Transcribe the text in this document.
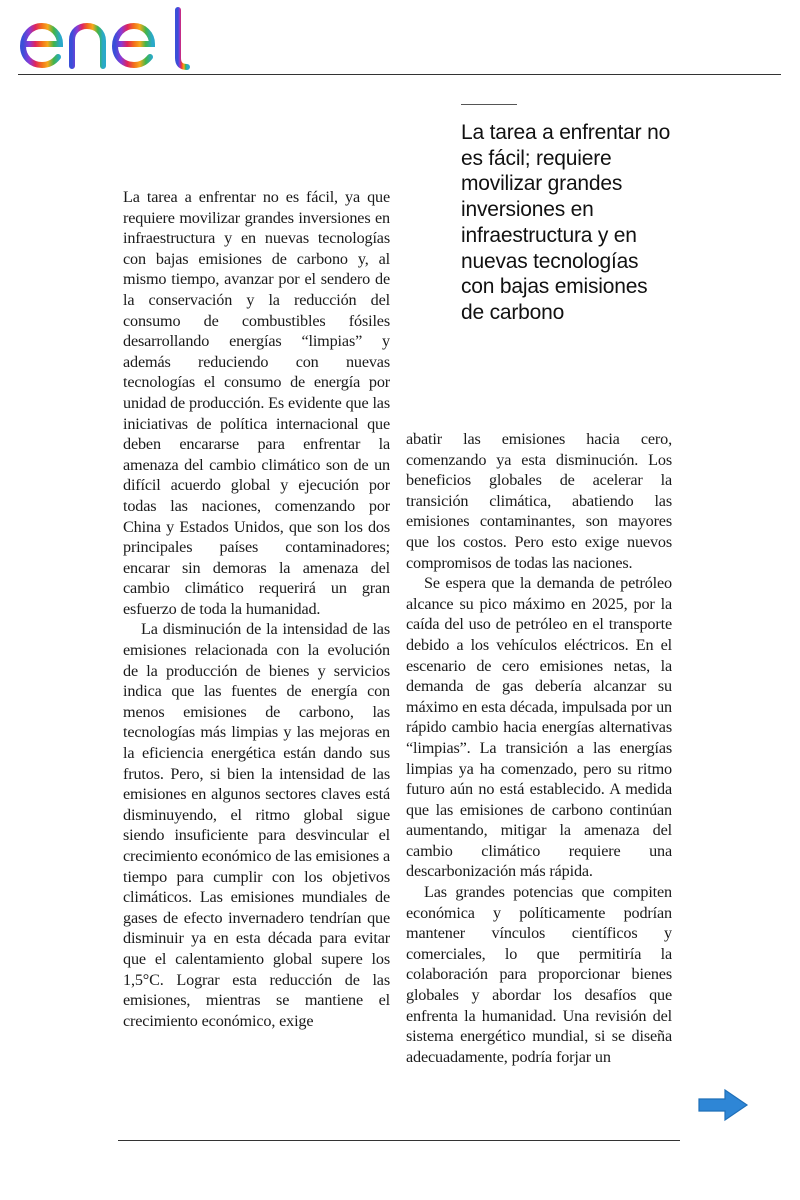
La tarea a enfrentar no es fácil; requiere movilizar grandes inversiones en infraestructura y en nuevas tecnologías con bajas emisiones de carbono

La tarea a enfrentar no es fácil, ya que requiere movilizar grandes inversiones en infraestructura y en nuevas tecnologías con bajas emisiones de carbono y, al mismo tiempo, avanzar por el sendero de la conservación y la reducción del consumo de combustibles fósiles desarrollando energías “limpias” y además reduciendo con nuevas tecnologías el consumo de energía por unidad de producción. Es evidente que las iniciativas de política internacional que deben encararse para enfrentar la amenaza del cambio climático son de un difícil acuerdo global y ejecución por todas las naciones, comenzando por China y Estados Unidos, que son los dos principales países contaminadores; encarar sin demoras la amenaza del cambio climático requerirá un gran esfuerzo de toda la humanidad.

La disminución de la intensidad de las emisiones relacionada con la evolución de la producción de bienes y servicios indica que las fuentes de energía con menos emisiones de carbono, las tecnologías más limpias y las mejoras en la eficiencia energética están dando sus frutos. Pero, si bien la intensidad de las emisiones en algunos sectores claves está disminuyendo, el ritmo global sigue siendo insuficiente para desvincular el crecimiento económico de las emisiones a tiempo para cumplir con los objetivos climáticos. Las emisiones mundiales de gases de efecto invernadero tendrían que disminuir ya en esta década para evitar que el calentamiento global supere los 1,5°C. Lograr esta reducción de las emisiones, mientras se mantiene el crecimiento económico, exige

abatir las emisiones hacia cero, comenzando ya esta disminución. Los beneficios globales de acelerar la transición climática, abatiendo las emisiones contaminantes, son mayores que los costos. Pero esto exige nuevos compromisos de todas las naciones.

Se espera que la demanda de petróleo alcance su pico máximo en 2025, por la caída del uso de petróleo en el transporte debido a los vehículos eléctricos. En el escenario de cero emisiones netas, la demanda de gas debería alcanzar su máximo en esta década, impulsada por un rápido cambio hacia energías alternativas “limpias”. La transición a las energías limpias ya ha comenzado, pero su ritmo futuro aún no está establecido. A medida que las emisiones de carbono continúan aumentando, mitigar la amenaza del cambio climático requiere una descarbonización más rápida.

Las grandes potencias que compiten económica y políticamente podrían mantener vínculos científicos y comerciales, lo que permitiría la colaboración para proporcionar bienes globales y abordar los desafíos que enfrenta la humanidad. Una revisión del sistema energético mundial, si se diseña adecuadamente, podría forjar un
